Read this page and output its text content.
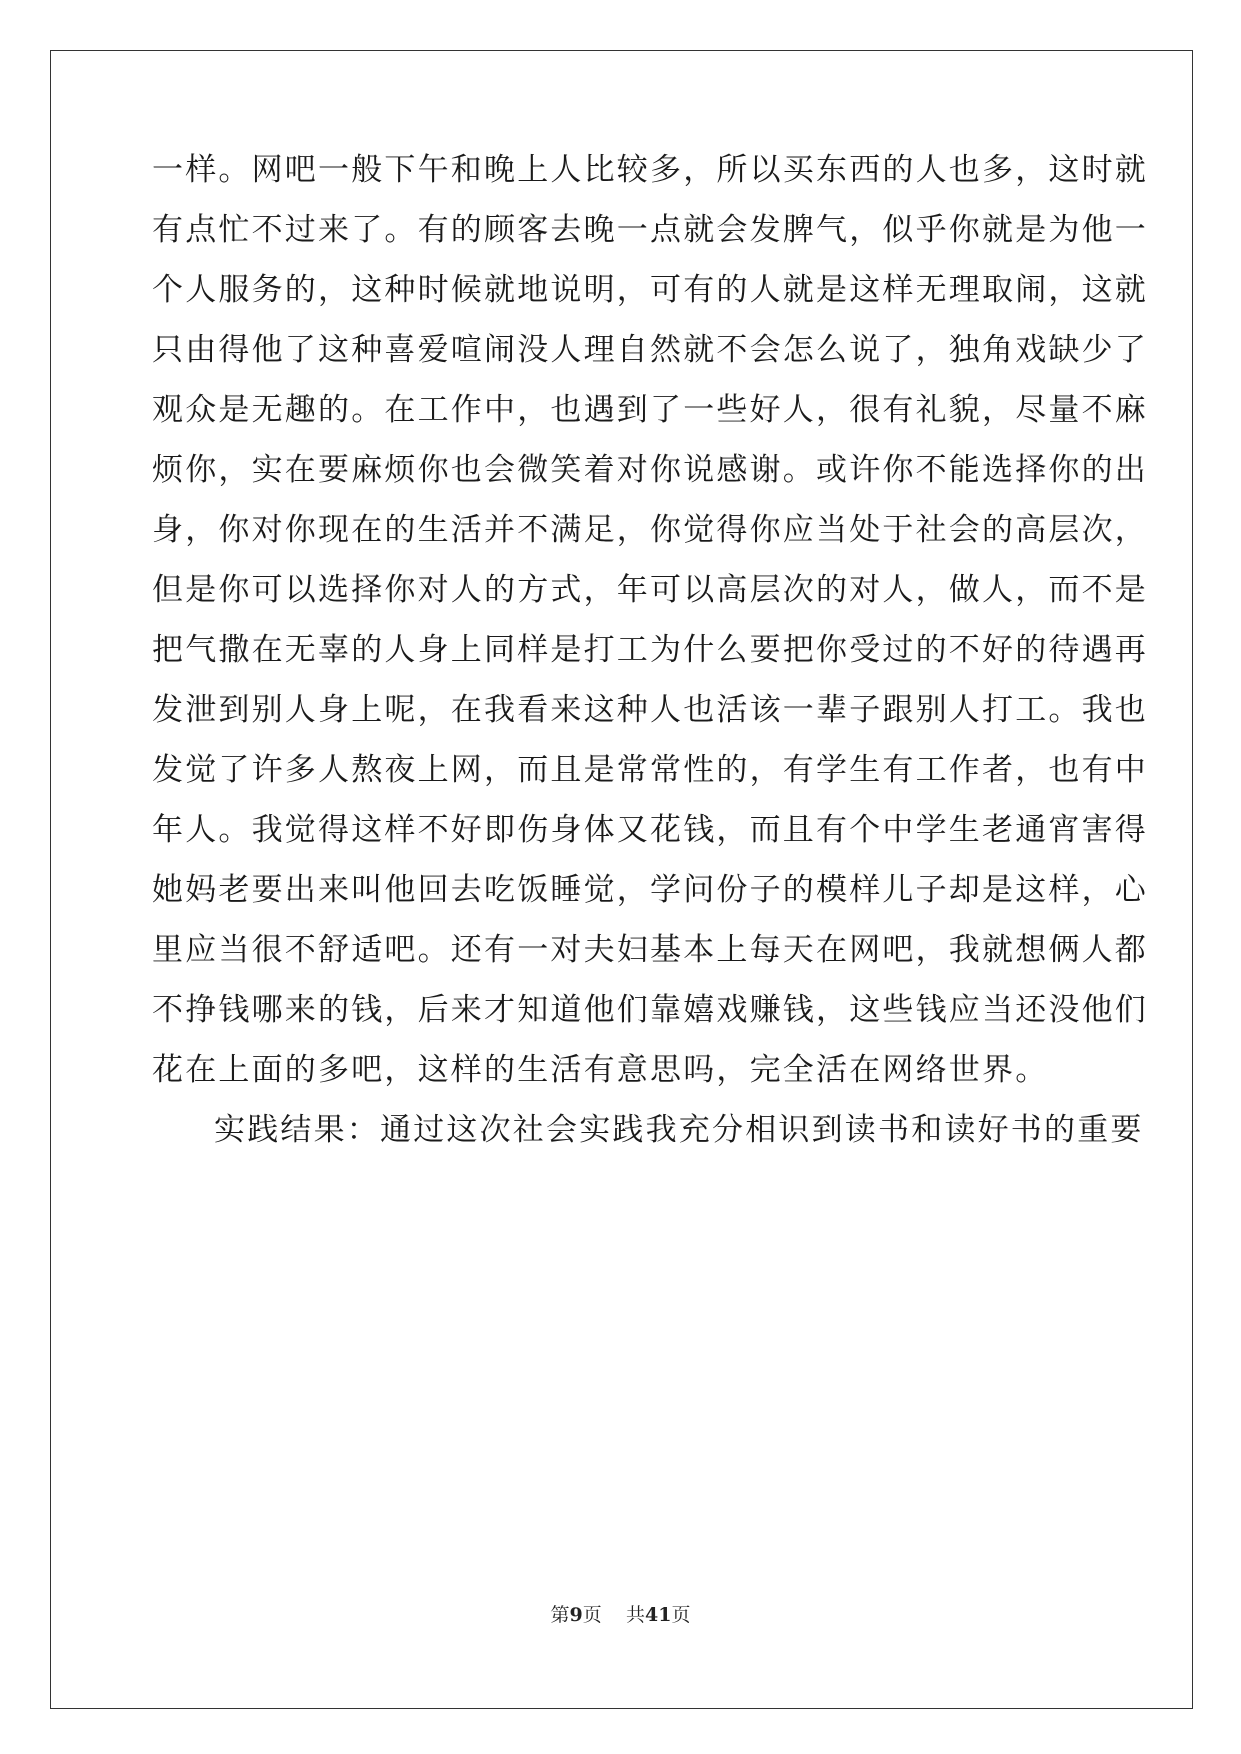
一样。网吧一般下午和晚上人比较多，所以买东西的人也多，这时就
有点忙不过来了。有的顾客去晚一点就会发脾气，似乎你就是为他一
个人服务的，这种时候就地说明，可有的人就是这样无理取闹，这就
只由得他了这种喜爱喧闹没人理自然就不会怎么说了，独角戏缺少了
观众是无趣的。在工作中，也遇到了一些好人，很有礼貌，尽量不麻
烦你，实在要麻烦你也会微笑着对你说感谢。或许你不能选择你的出
身，你对你现在的生活并不满足，你觉得你应当处于社会的高层次，
但是你可以选择你对人的方式，年可以高层次的对人，做人，而不是
把气撒在无辜的人身上同样是打工为什么要把你受过的不好的待遇再
发泄到别人身上呢，在我看来这种人也活该一辈子跟别人打工。我也
发觉了许多人熬夜上网，而且是常常性的，有学生有工作者，也有中
年人。我觉得这样不好即伤身体又花钱，而且有个中学生老通宵害得
她妈老要出来叫他回去吃饭睡觉，学问份子的模样儿子却是这样，心
里应当很不舒适吧。还有一对夫妇基本上每天在网吧，我就想俩人都
不挣钱哪来的钱，后来才知道他们靠嬉戏赚钱，这些钱应当还没他们
花在上面的多吧，这样的生活有意思吗，完全活在网络世界。
实践结果：通过这次社会实践我充分相识到读书和读好书的重要
第9页 共41页
